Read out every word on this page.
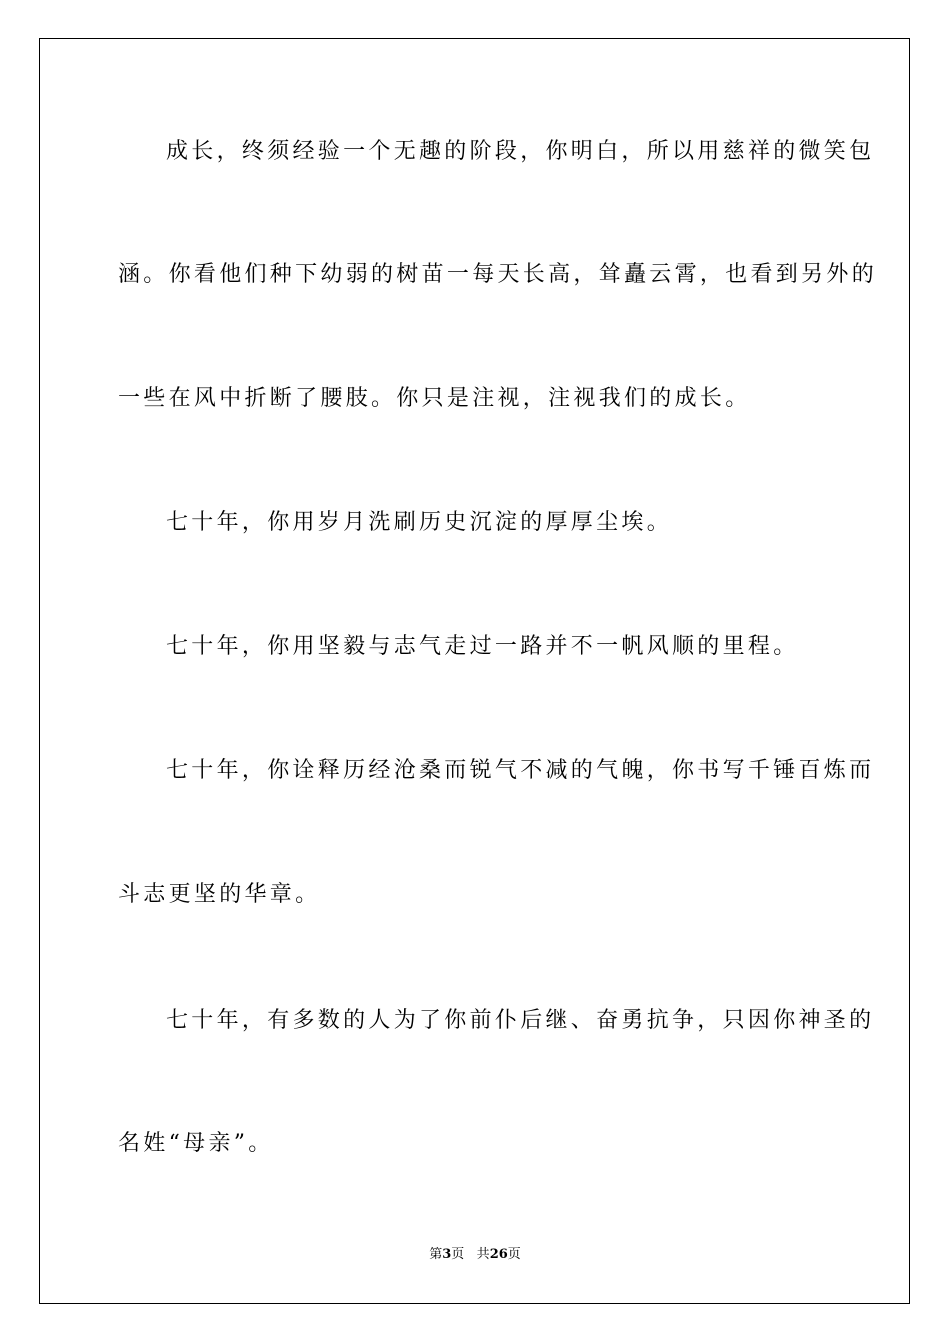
成长，终须经验一个无趣的阶段，你明白，所以用慈祥的微笑包
涵。你看他们种下幼弱的树苗一每天长高，耸矗云霄，也看到另外的
一些在风中折断了腰肢。你只是注视，注视我们的成长。
七十年，你用岁月洗刷历史沉淀的厚厚尘埃。
七十年，你用坚毅与志气走过一路并不一帆风顺的里程。
七十年，你诠释历经沧桑而锐气不减的气魄，你书写千锤百炼而
斗志更坚的华章。
七十年，有多数的人为了你前仆后继、奋勇抗争，只因你神圣的
名姓“母亲”。
第3页 共26页
